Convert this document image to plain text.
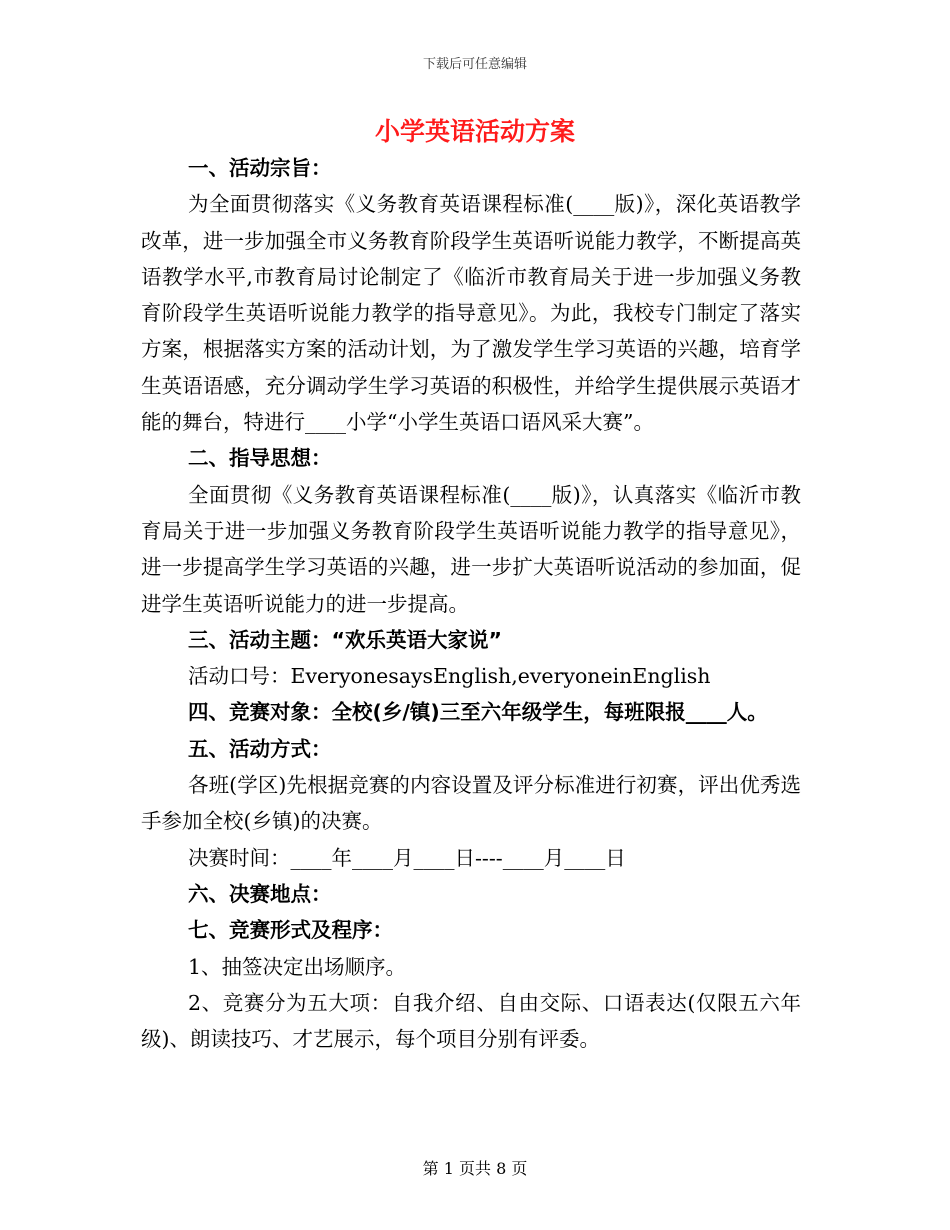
下载后可任意编辑
小学英语活动方案

一、活动宗旨：

为全面贯彻落实《义务教育英语课程标准(____版)》，深化英语教学改革，进一步加强全市义务教育阶段学生英语听说能力教学，不断提高英语教学水平,市教育局讨论制定了《临沂市教育局关于进一步加强义务教育阶段学生英语听说能力教学的指导意见》。为此，我校专门制定了落实方案，根据落实方案的活动计划，为了激发学生学习英语的兴趣，培育学生英语语感，充分调动学生学习英语的积极性，并给学生提供展示英语才能的舞台，特进行____小学“小学生英语口语风采大赛”。

二、指导思想：

全面贯彻《义务教育英语课程标准(____版)》，认真落实《临沂市教育局关于进一步加强义务教育阶段学生英语听说能力教学的指导意见》，进一步提高学生学习英语的兴趣，进一步扩大英语听说活动的参加面，促进学生英语听说能力的进一步提高。

三、活动主题：“欢乐英语大家说”

活动口号：EveryonesaysEnglish,everyoneinEnglish

四、竞赛对象：全校(乡/镇)三至六年级学生，每班限报____人。

五、活动方式：

各班(学区)先根据竞赛的内容设置及评分标准进行初赛，评出优秀选手参加全校(乡镇)的决赛。

决赛时间：____年____月____日----____月____日

六、决赛地点：

七、竞赛形式及程序：

1、抽签决定出场顺序。

2、竞赛分为五大项：自我介绍、自由交际、口语表达(仅限五六年级)、朗读技巧、才艺展示，每个项目分别有评委。

第 1 页共 8 页
